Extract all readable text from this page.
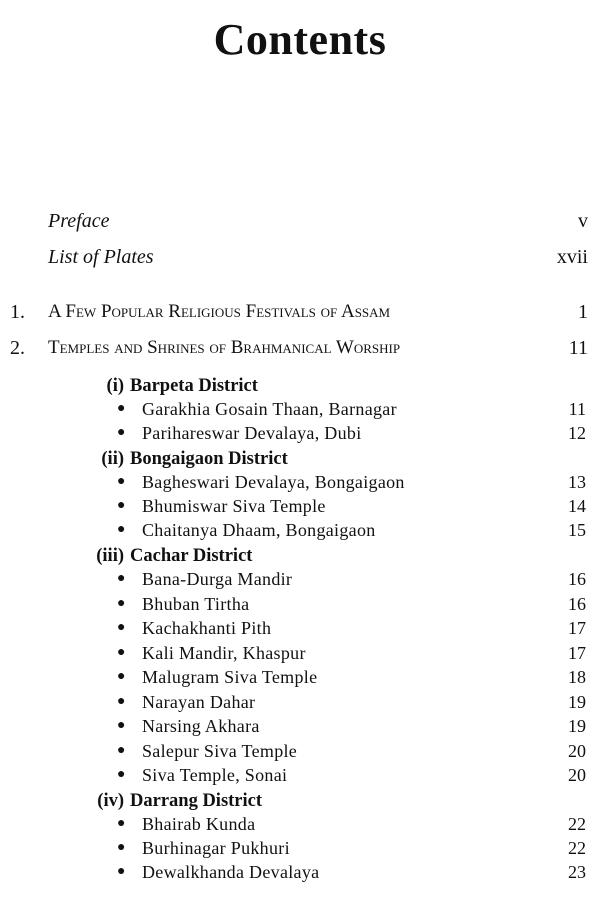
Contents
Preface	v
List of Plates	xvii
1. A Few Popular Religious Festivals of Assam	1
2. Temples and Shrines of Brahmanical Worship	11
(i) Barpeta District
● Garakhia Gosain Thaan, Barnagar	11
● Parihareswar Devalaya, Dubi	12
(ii) Bongaigaon District
● Bagheswari Devalaya, Bongaigaon	13
● Bhumiswar Siva Temple	14
● Chaitanya Dhaam, Bongaigaon	15
(iii) Cachar District
● Bana-Durga Mandir	16
● Bhuban Tirtha	16
● Kachakhanti Pith	17
● Kali Mandir, Khaspur	17
● Malugram Siva Temple	18
● Narayan Dahar	19
● Narsing Akhara	19
● Salepur Siva Temple	20
● Siva Temple, Sonai	20
(iv) Darrang District
● Bhairab Kunda	22
● Burhinagar Pukhuri	22
● Dewalkhanda Devalaya	23
